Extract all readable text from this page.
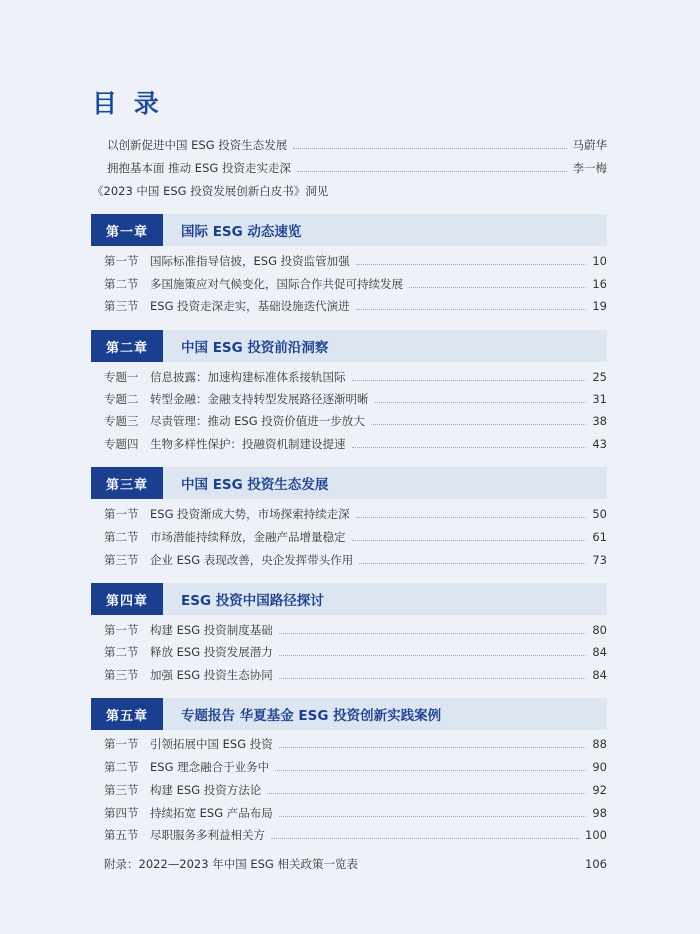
目 录
以创新促进中国 ESG 投资生态发展	马蔚华
拥抱基本面 推动 ESG 投资走实走深	李一梅
《2023 中国 ESG 投资发展创新白皮书》洞见
第一章	国际 ESG 动态速览
第一节	国际标准指导信披，ESG 投资监管加强	10
第二节	多国施策应对气候变化，国际合作共促可持续发展	16
第三节	ESG 投资走深走实，基础设施迭代演进	19
第二章	中国 ESG 投资前沿洞察
专题一	信息披露：加速构建标准体系接轨国际	25
专题二	转型金融：金融支持转型发展路径逐渐明晰	31
专题三	尽责管理：推动 ESG 投资价值进一步放大	38
专题四	生物多样性保护：投融资机制建设提速	43
第三章	中国 ESG 投资生态发展
第一节	ESG 投资渐成大势，市场探索持续走深	50
第二节	市场潜能持续释放，金融产品增量稳定	61
第三节	企业 ESG 表现改善，央企发挥带头作用	73
第四章	ESG 投资中国路径探讨
第一节	构建 ESG 投资制度基础	80
第二节	释放 ESG 投资发展潜力	84
第三节	加强 ESG 投资生态协同	84
第五章	专题报告 华夏基金 ESG 投资创新实践案例
第一节	引领拓展中国 ESG 投资	88
第二节	ESG 理念融合于业务中	90
第三节	构建 ESG 投资方法论	92
第四节	持续拓宽 ESG 产品布局	98
第五节	尽职服务多利益相关方	100
附录：2022—2023 年中国 ESG 相关政策一览表	106
